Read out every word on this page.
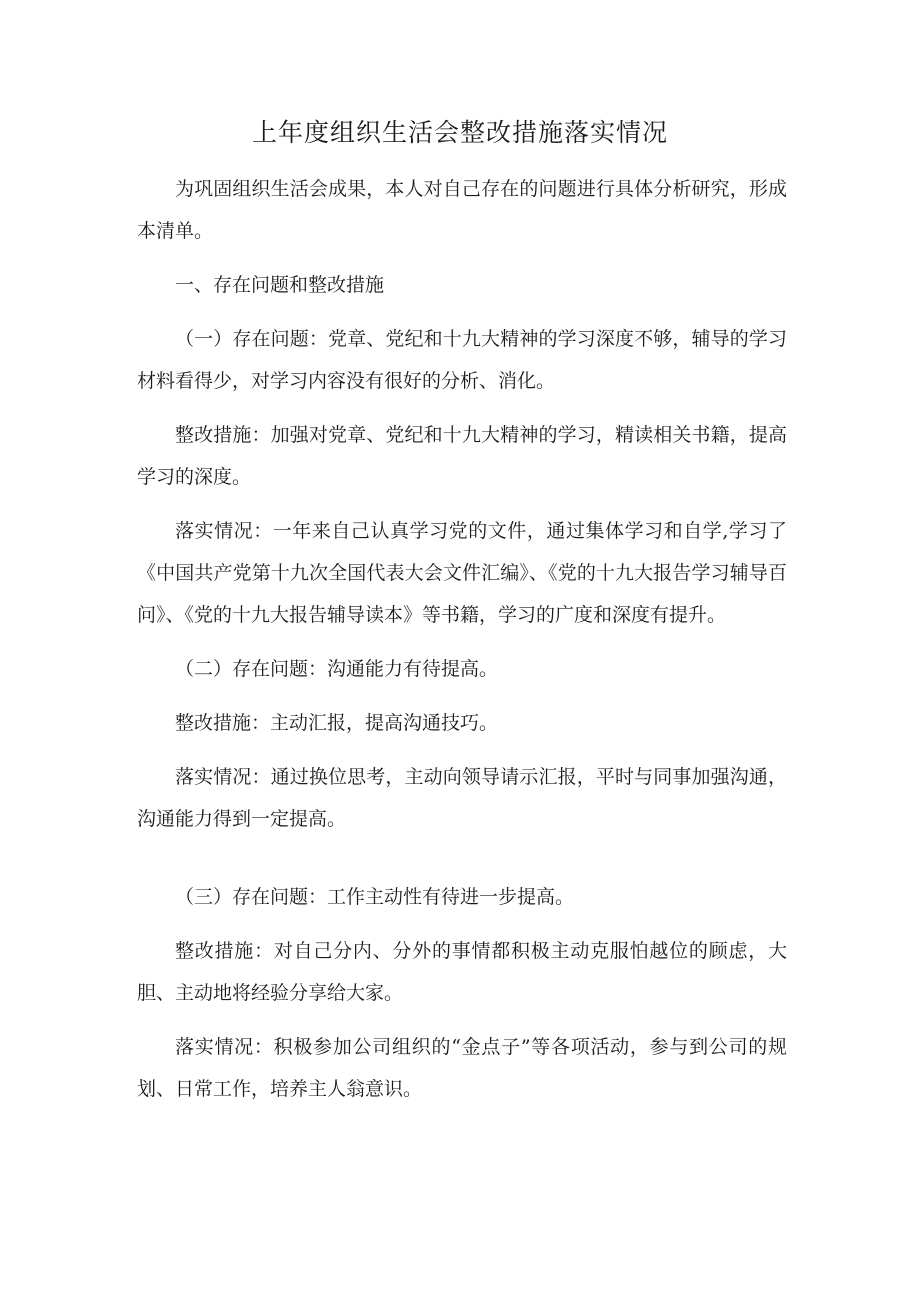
上年度组织生活会整改措施落实情况

为巩固组织生活会成果，本人对自己存在的问题进行具体分析研究，形成本清单。

一、存在问题和整改措施

（一）存在问题：党章、党纪和十九大精神的学习深度不够，辅导的学习材料看得少，对学习内容没有很好的分析、消化。

整改措施：加强对党章、党纪和十九大精神的学习，精读相关书籍，提高学习的深度。

落实情况：一年来自己认真学习党的文件，通过集体学习和自学,学习了《中国共产党第十九次全国代表大会文件汇编》、《党的十九大报告学习辅导百问》、《党的十九大报告辅导读本》等书籍，学习的广度和深度有提升。

（二）存在问题：沟通能力有待提高。

整改措施：主动汇报，提高沟通技巧。

落实情况：通过换位思考，主动向领导请示汇报，平时与同事加强沟通，沟通能力得到一定提高。

（三）存在问题：工作主动性有待进一步提高。

整改措施：对自己分内、分外的事情都积极主动克服怕越位的顾虑，大胆、主动地将经验分享给大家。

落实情况：积极参加公司组织的“金点子”等各项活动，参与到公司的规划、日常工作，培养主人翁意识。
